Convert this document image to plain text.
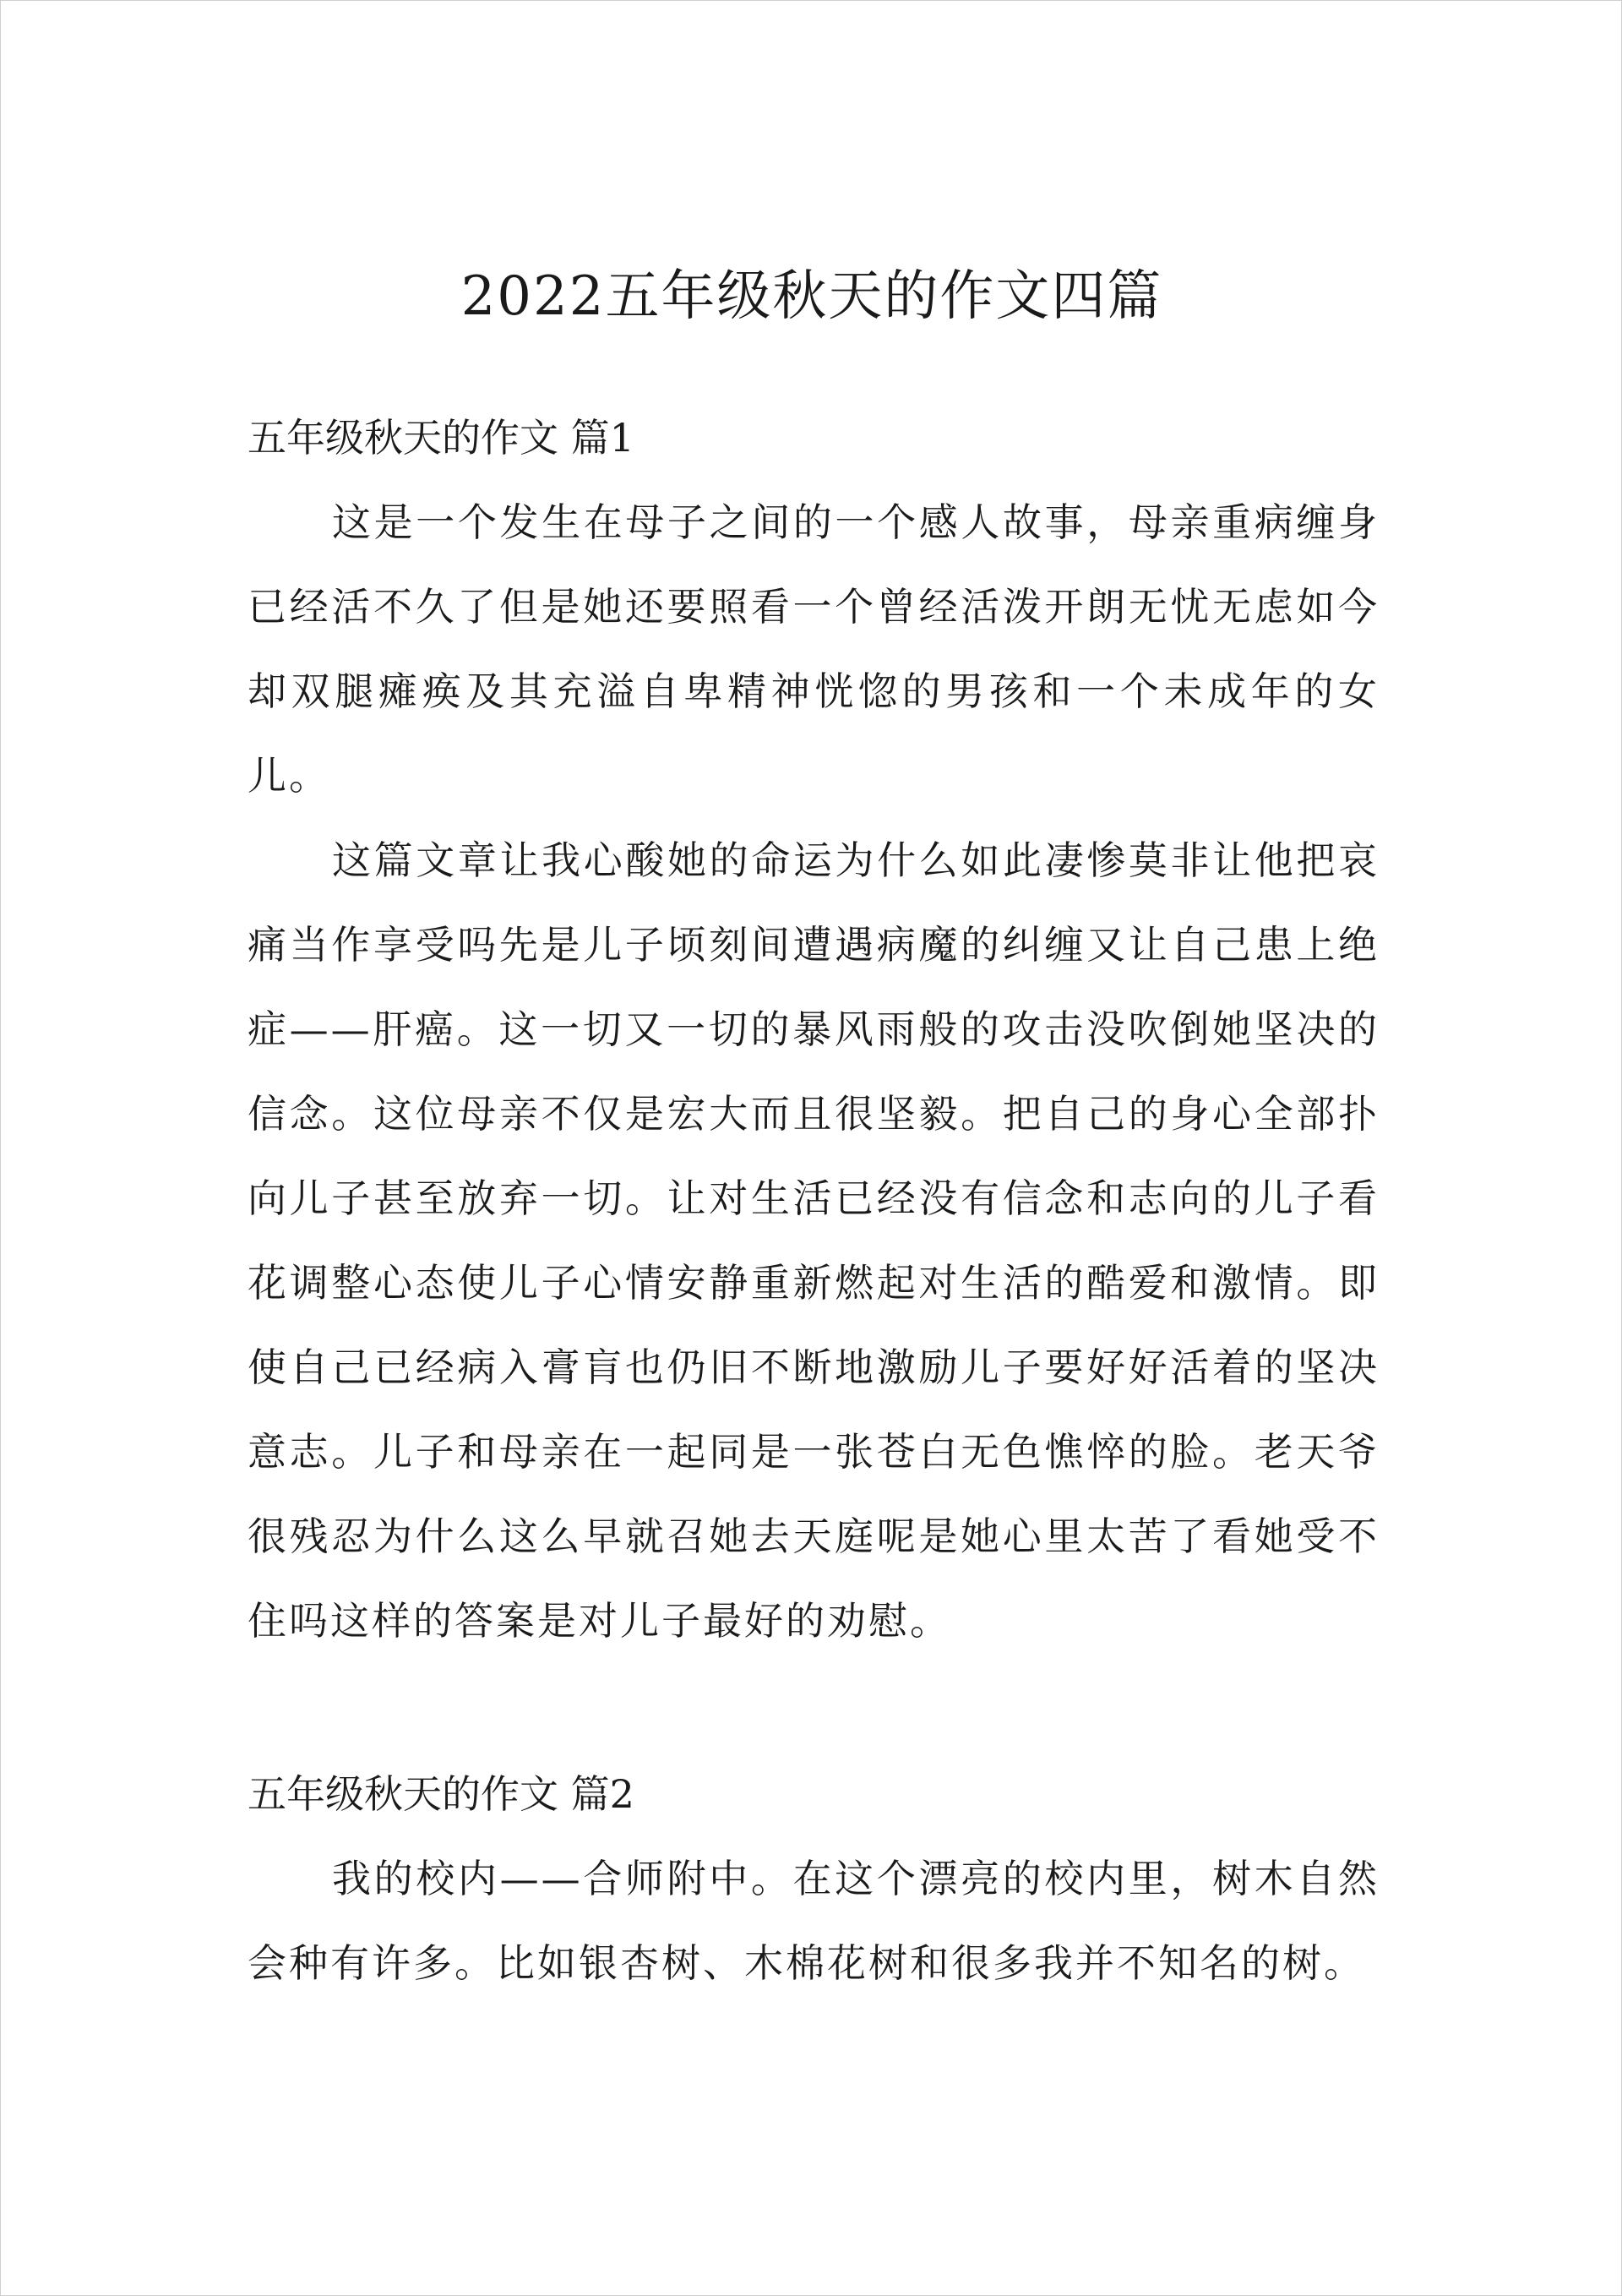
2022五年级秋天的作文四篇
五年级秋天的作文 篇1

这是一个发生在母子之间的一个感人故事，母亲重病缠身已经活不久了但是她还要照看一个曾经活泼开朗无忧无虑如今却双腿瘫痪及其充溢自卑精神恍惚的男孩和一个未成年的女儿。

这篇文章让我心酸她的命运为什么如此凄惨莫非让他把哀痛当作享受吗先是儿子顷刻间遭遇病魔的纠缠又让自己患上绝症——肝癌。这一切又一切的暴风雨般的攻击没吹倒她坚决的信念。这位母亲不仅是宏大而且很坚毅。把自己的身心全部扑向儿子甚至放弃一切。让对生活已经没有信念和志向的儿子看花调整心态使儿子心情安静重新燃起对生活的酷爱和激情。即使自己已经病入膏肓也仍旧不断地激励儿子要好好活着的坚决意志。儿子和母亲在一起同是一张苍白无色憔悴的脸。老天爷很残忍为什么这么早就召她去天庭呢是她心里太苦了看她受不住吗这样的答案是对儿子最好的劝慰。

五年级秋天的作文 篇2

我的校内——合师附中。在这个漂亮的校内里，树木自然会种有许多。比如银杏树、木棉花树和很多我并不知名的树。
